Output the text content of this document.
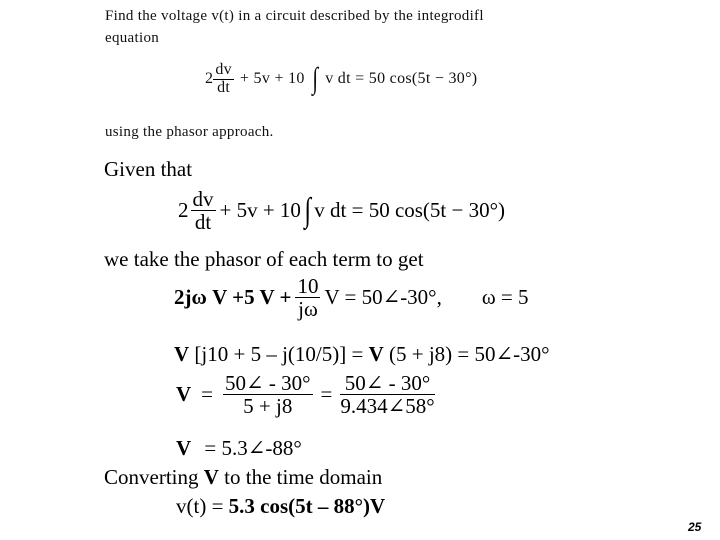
Find the voltage v(t) in a circuit described by the integrodifl
equation
$2 \frac{dv}{dt} + 5v + 10$ ∫ v dt = 50 cos(5t − 30°)
using the phasor approach.
Given that
$2 \frac{dv}{dt} + 5v + 10$ ∫ v dt = 50 cos(5t − 30°)
we take the phasor of each term to get
2jω V +5 $V + \frac{10}{j\omega}$ V = 50∠-30°, ω = 5
V [j10 + 5 – j(10/5)] = V (5 + j8) = 50∠-30°
$V = \frac{50\angle - 30^\circ}{5 + j8} = \frac{50\angle - 30^\circ}{9.434\angle 58^\circ}$
V = 5.3∠-88°
Converting V to the time domain
v(t) = 5.3 cos(5t – 88°)V
25
